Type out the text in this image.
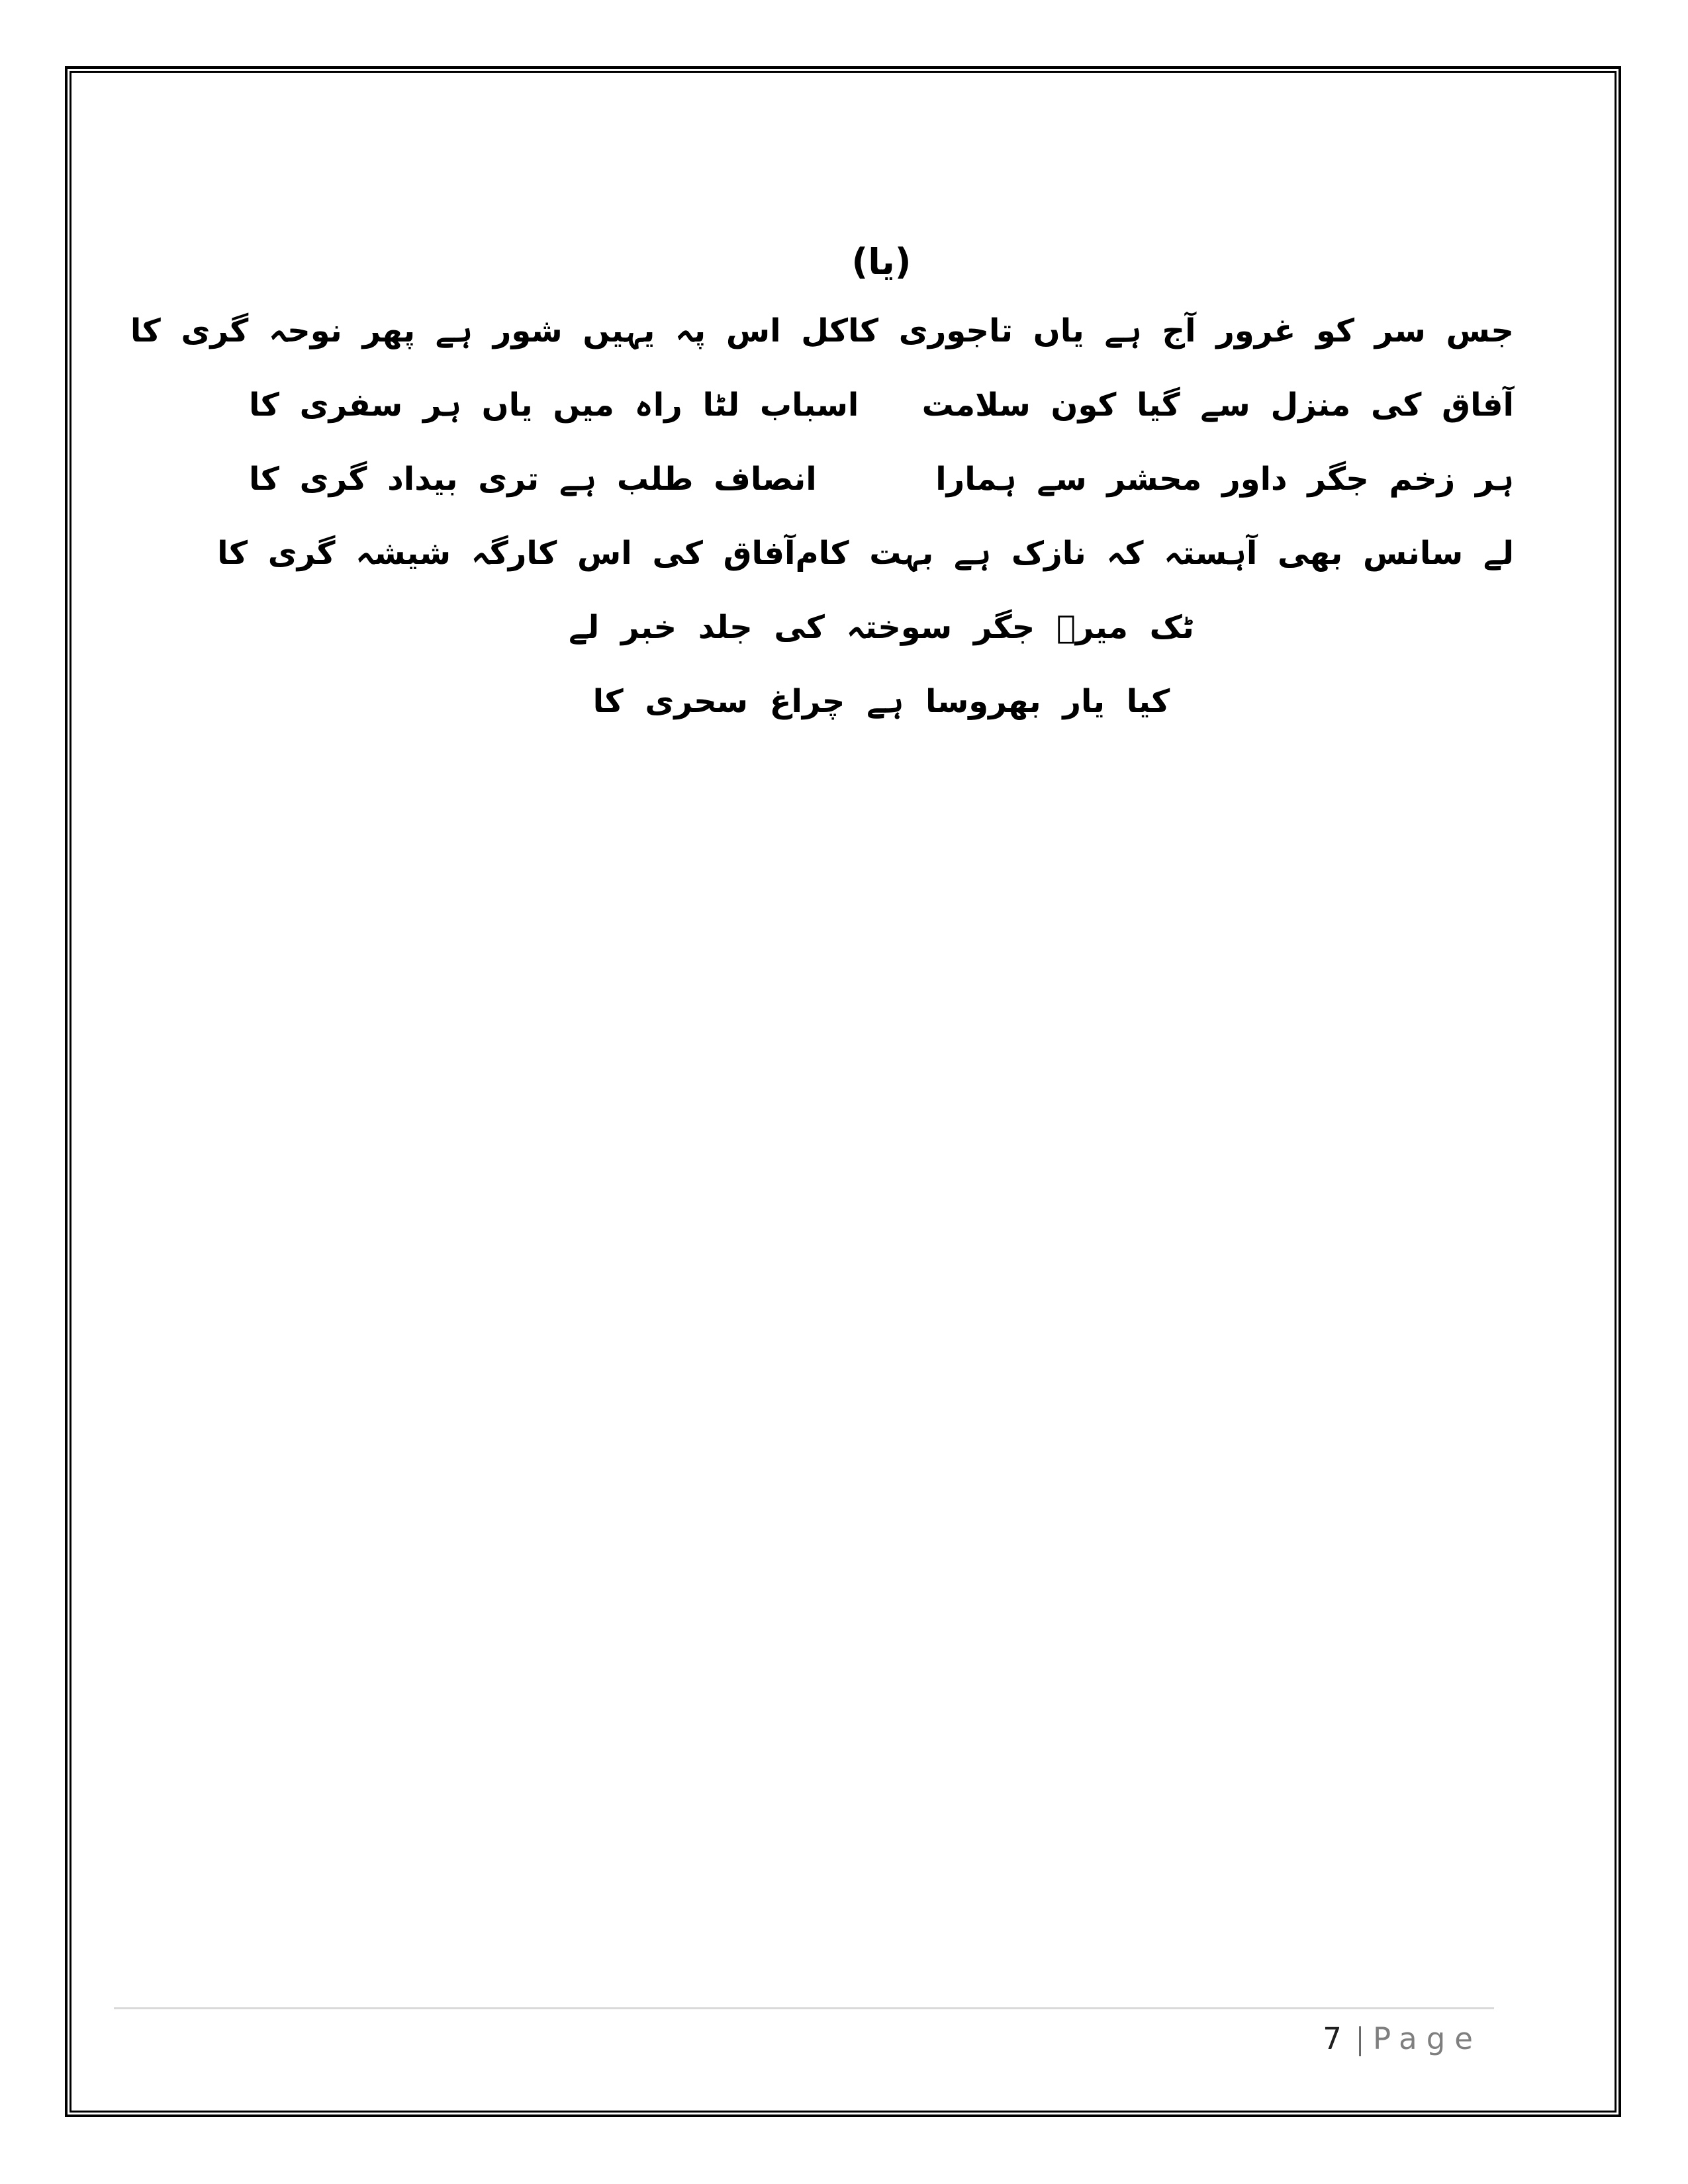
(یا)
جس سر کو غرور آج ہے یاں تاجوری کا
کل اس پہ یہیں شور ہے پھر نوحہ گری کا
آفاق کی منزل سے گیا کون سلامت
اسباب لٹا راہ میں یاں ہر سفری کا
ہر زخم جگر داور محشر سے ہمارا
انصاف طلب ہے تری بیداد گری کا
لے سانس بھی آہستہ کہ نازک ہے بہت کام
آفاق کی اس کارگہ شیشہ گری کا
ٹک میرؔ جگر سوختہ کی جلد خبر لے
کیا یار بھروسا ہے چراغ سحری کا
7 | Page
